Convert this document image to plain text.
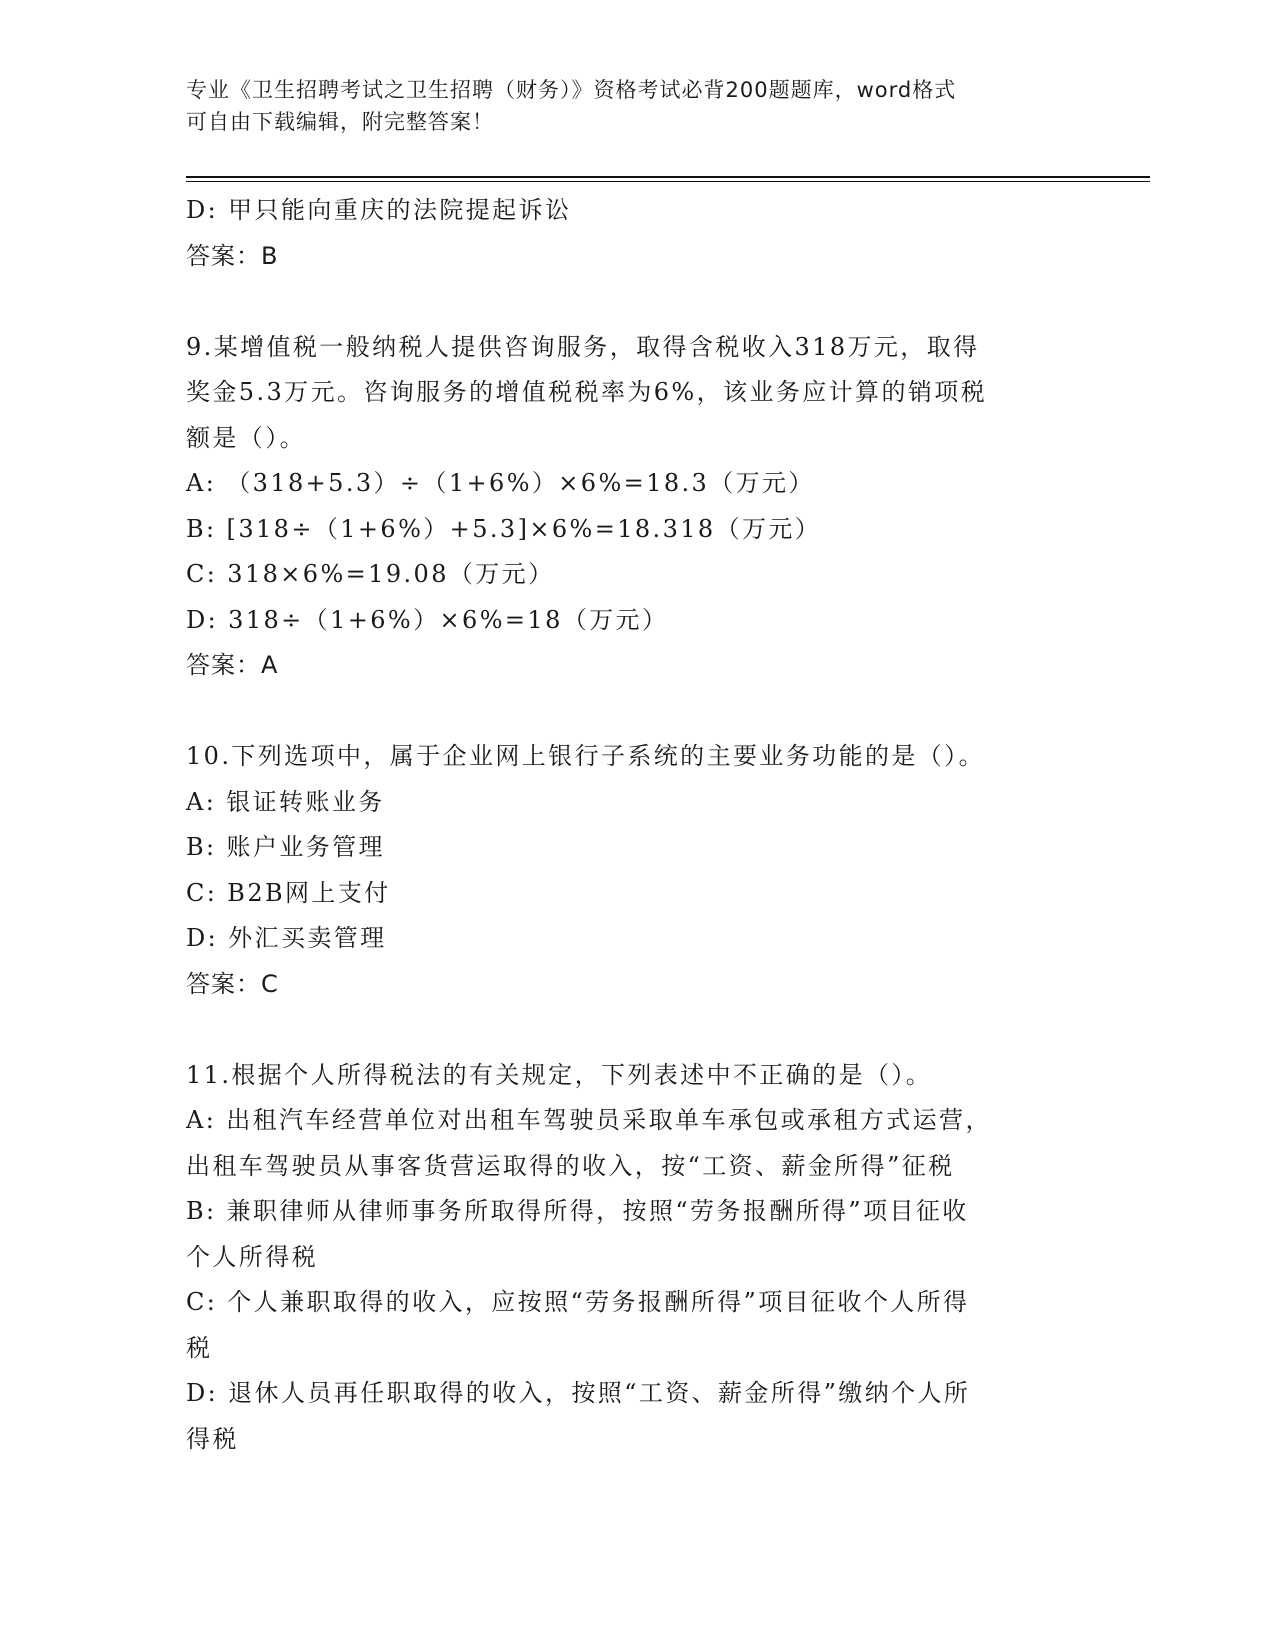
专业《卫生招聘考试之卫生招聘（财务）》资格考试必背200题题库，word格式
可自由下载编辑，附完整答案！
D: 甲只能向重庆的法院提起诉讼
答案：B
9.某增值税一般纳税人提供咨询服务，取得含税收入318万元，取得
奖金5.3万元。咨询服务的增值税税率为6%，该业务应计算的销项税
额是（）。
A: （318+5.3）÷（1+6%）×6%=18.3（万元）
B: [318÷（1+6%）+5.3]×6%=18.318（万元）
C: 318×6%=19.08（万元）
D: 318÷（1+6%）×6%=18（万元）
答案：A
10.下列选项中，属于企业网上银行子系统的主要业务功能的是（）。
A: 银证转账业务
B: 账户业务管理
C: B2B网上支付
D: 外汇买卖管理
答案：C
11.根据个人所得税法的有关规定，下列表述中不正确的是（）。
A: 出租汽车经营单位对出租车驾驶员采取单车承包或承租方式运营，
出租车驾驶员从事客货营运取得的收入，按“工资、薪金所得”征税
B: 兼职律师从律师事务所取得所得，按照“劳务报酬所得”项目征收
个人所得税
C: 个人兼职取得的收入，应按照“劳务报酬所得”项目征收个人所得
税
D: 退休人员再任职取得的收入，按照“工资、薪金所得”缴纳个人所
得税
